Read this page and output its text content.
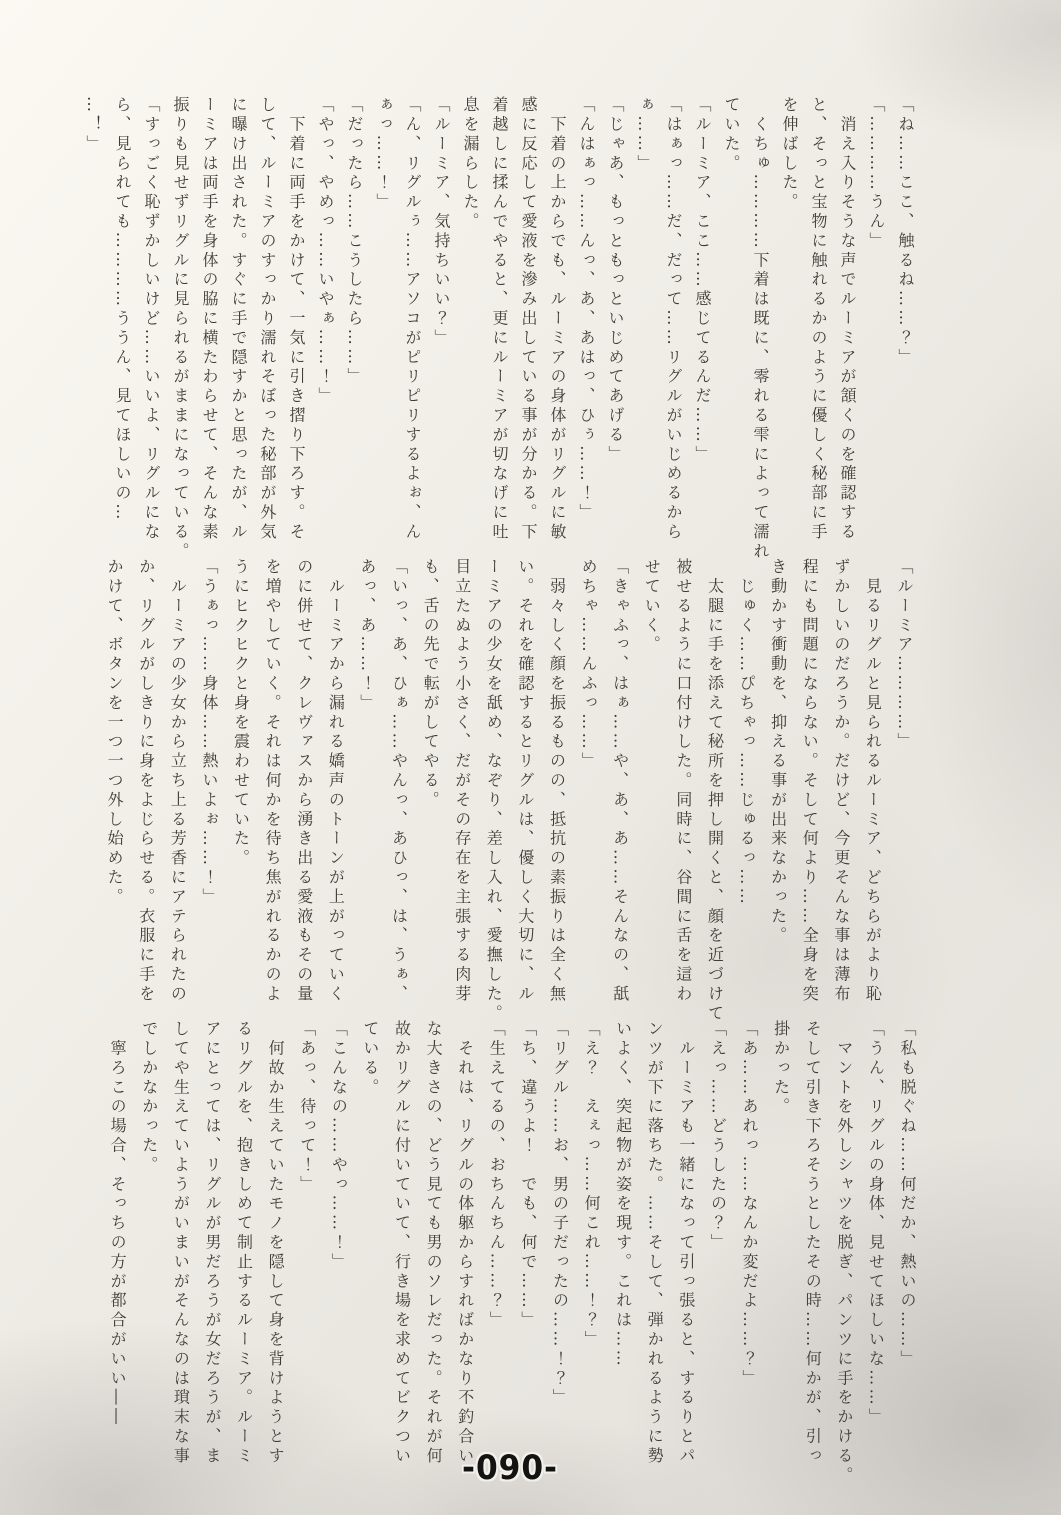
「ね……ここ、触るね……？」

「…………うん」

　消え入りそうな声でルーミアが頷くのを確認する

と、そっと宝物に触れるかのように優しく秘部に手

を伸ばした。

　くちゅ…………下着は既に、零れる雫によって濡れ

ていた。

「ルーミア、ここ……感じてるんだ……」

「はぁっ……だ、だって……リグルがいじめるから

ぁ……」

「じゃあ、もっともっといじめてあげる」

「んはぁっ……んっ、あ、あはっ、ひぅ……！」

　下着の上からでも、ルーミアの身体がリグルに敏

感に反応して愛液を滲み出している事が分かる。下

着越しに揉んでやると、更にルーミアが切なげに吐

息を漏らした。

「ルーミア、気持ちいい？」

「ん、リグルぅ……アソコがピリピリするよぉ、ん

ぁっ……！」

「だったら……こうしたら……」

「やっ、やめっ……いやぁ……！」

　下着に両手をかけて、一気に引き摺り下ろす。そ

して、ルーミアのすっかり濡れそぼった秘部が外気

に曝け出された。すぐに手で隠すかと思ったが、ル

ーミアは両手を身体の脇に横たわらせて、そんな素

振りも見せずリグルに見られるがままになっている。

「すっごく恥ずかしいけど……いいよ、リグルにな

ら、見られても…………ううん、見てほしいの…

…！」

「ルーミア…………」

　見るリグルと見られるルーミア、どちらがより恥

ずかしいのだろうか。だけど、今更そんな事は薄布

程にも問題にならない。そして何より……全身を突

き動かす衝動を、抑える事が出来なかった。

　じゅく……ぴちゃっ……じゅるっ……

　太腿に手を添えて秘所を押し開くと、顔を近づけて

被せるように口付けした。同時に、谷間に舌を這わ

せていく。

「きゃふっ、はぁ……や、あ、あ……そんなの、舐

めちゃ……んふっ……」

　弱々しく顔を振るものの、抵抗の素振りは全く無

い。それを確認するとリグルは、優しく大切に、ル

ーミアの少女を舐め、なぞり、差し入れ、愛撫した。

目立たぬよう小さく、だがその存在を主張する肉芽

も、舌の先で転がしてやる。

「いっ、あ、ひぁ……やんっ、あひっ、は、うぁ、

あっ、あ……！」

　ルーミアから漏れる嬌声のトーンが上がっていく

のに併せて、クレヴァスから湧き出る愛液もその量

を増やしていく。それは何かを待ち焦がれるかのよ

うにヒクヒクと身を震わせていた。

「うぁっ……身体……熱いよぉ……！」

　ルーミアの少女から立ち上る芳香にアテられたの

か、リグルがしきりに身をよじらせる。衣服に手を

かけて、ボタンを一つ一つ外し始めた。

「私も脱ぐね……何だか、熱いの……」

「うん、リグルの身体、見せてほしいな……」

　マントを外しシャツを脱ぎ、パンツに手をかける。

そして引き下ろそうとしたその時……何かが、引っ

掛かった。

「あ……あれっ……なんか変だよ……？」

「えっ……どうしたの？」

　ルーミアも一緒になって引っ張ると、するりとパ

ンツが下に落ちた。……そして、弾かれるように勢

いよく、突起物が姿を現す。これは……

「え？　えぇっ……何これ……！？」

「リグル……お、男の子だったの……！？」

「ち、違うよ！　でも、何で……」

「生えてるの、おちんちん……？」

　それは、リグルの体躯からすればかなり不釣合い

な大きさの、どう見ても男のソレだった。それが何

故かリグルに付いていて、行き場を求めてビクつい

ている。

「こんなの……やっ……！」

「あっ、待って！」

　何故か生えていたモノを隠して身を背けようとす

るリグルを、抱きしめて制止するルーミア。ルーミ

アにとっては、リグルが男だろうが女だろうが、ま

してや生えていようがいまいがそんなのは瑣末な事

でしかなかった。

　寧ろこの場合、そっちの方が都合がいい――

-090-
